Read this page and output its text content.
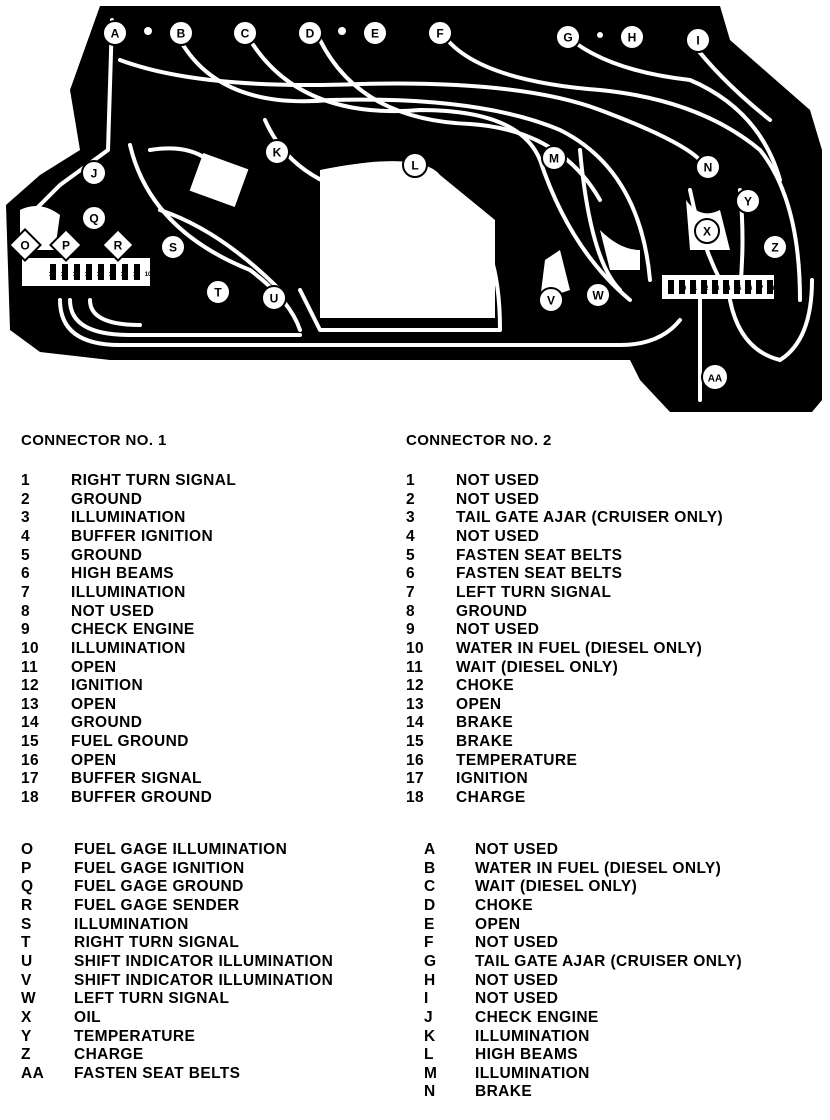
18 17 16 15 14 13 12 11 10
9 10 11 12 13 14 15 16 17 18
A	B	C	D	E	F	G	H	I
J
K
L	M
N
O	P
Q
R	S
T	U	V	W
X
Y
Z
AA
CONNECTOR NO. 1
1	RIGHT TURN SIGNAL
2	GROUND
3	ILLUMINATION
4	BUFFER IGNITION
5	GROUND
6	HIGH BEAMS
7	ILLUMINATION
8	NOT USED
9	CHECK ENGINE
10 ILLUMINATION
11 OPEN
12 IGNITION
13 OPEN
14 GROUND
15 FUEL GROUND
16 OPEN
17 BUFFER SIGNAL
18 BUFFER GROUND
CONNECTOR NO. 2
1	NOT USED
2	NOT USED
3	TAIL GATE AJAR (CRUISER ONLY)
4	NOT USED
5	FASTEN SEAT BELTS
6	FASTEN SEAT BELTS
7	LEFT TURN SIGNAL
8	GROUND
9	NOT USED
10 WATER IN FUEL (DIESEL ONLY)
11 WAIT (DIESEL ONLY)
12 CHOKE
13 OPEN
14 BRAKE
15 BRAKE
16 TEMPERATURE
17 IGNITION
18 CHARGE
O	FUEL GAGE ILLUMINATION
P	FUEL GAGE IGNITION
Q	FUEL GAGE GROUND
R	FUEL GAGE SENDER
S	ILLUMINATION
T	RIGHT TURN SIGNAL
U	SHIFT INDICATOR ILLUMINATION
V	SHIFT INDICATOR ILLUMINATION
W LEFT TURN SIGNAL
X	OIL
Y	TEMPERATURE
Z	CHARGE
AA FASTEN SEAT BELTS
A	NOT USED
B	WATER IN FUEL (DIESEL ONLY)
C	WAIT (DIESEL ONLY)
D	CHOKE
E	OPEN
F	NOT USED
G TAIL GATE AJAR (CRUISER ONLY)
H	NOT USED
I	NOT USED
J	CHECK ENGINE
K	ILLUMINATION
L	HIGH BEAMS
M ILLUMINATION
N	BRAKE
